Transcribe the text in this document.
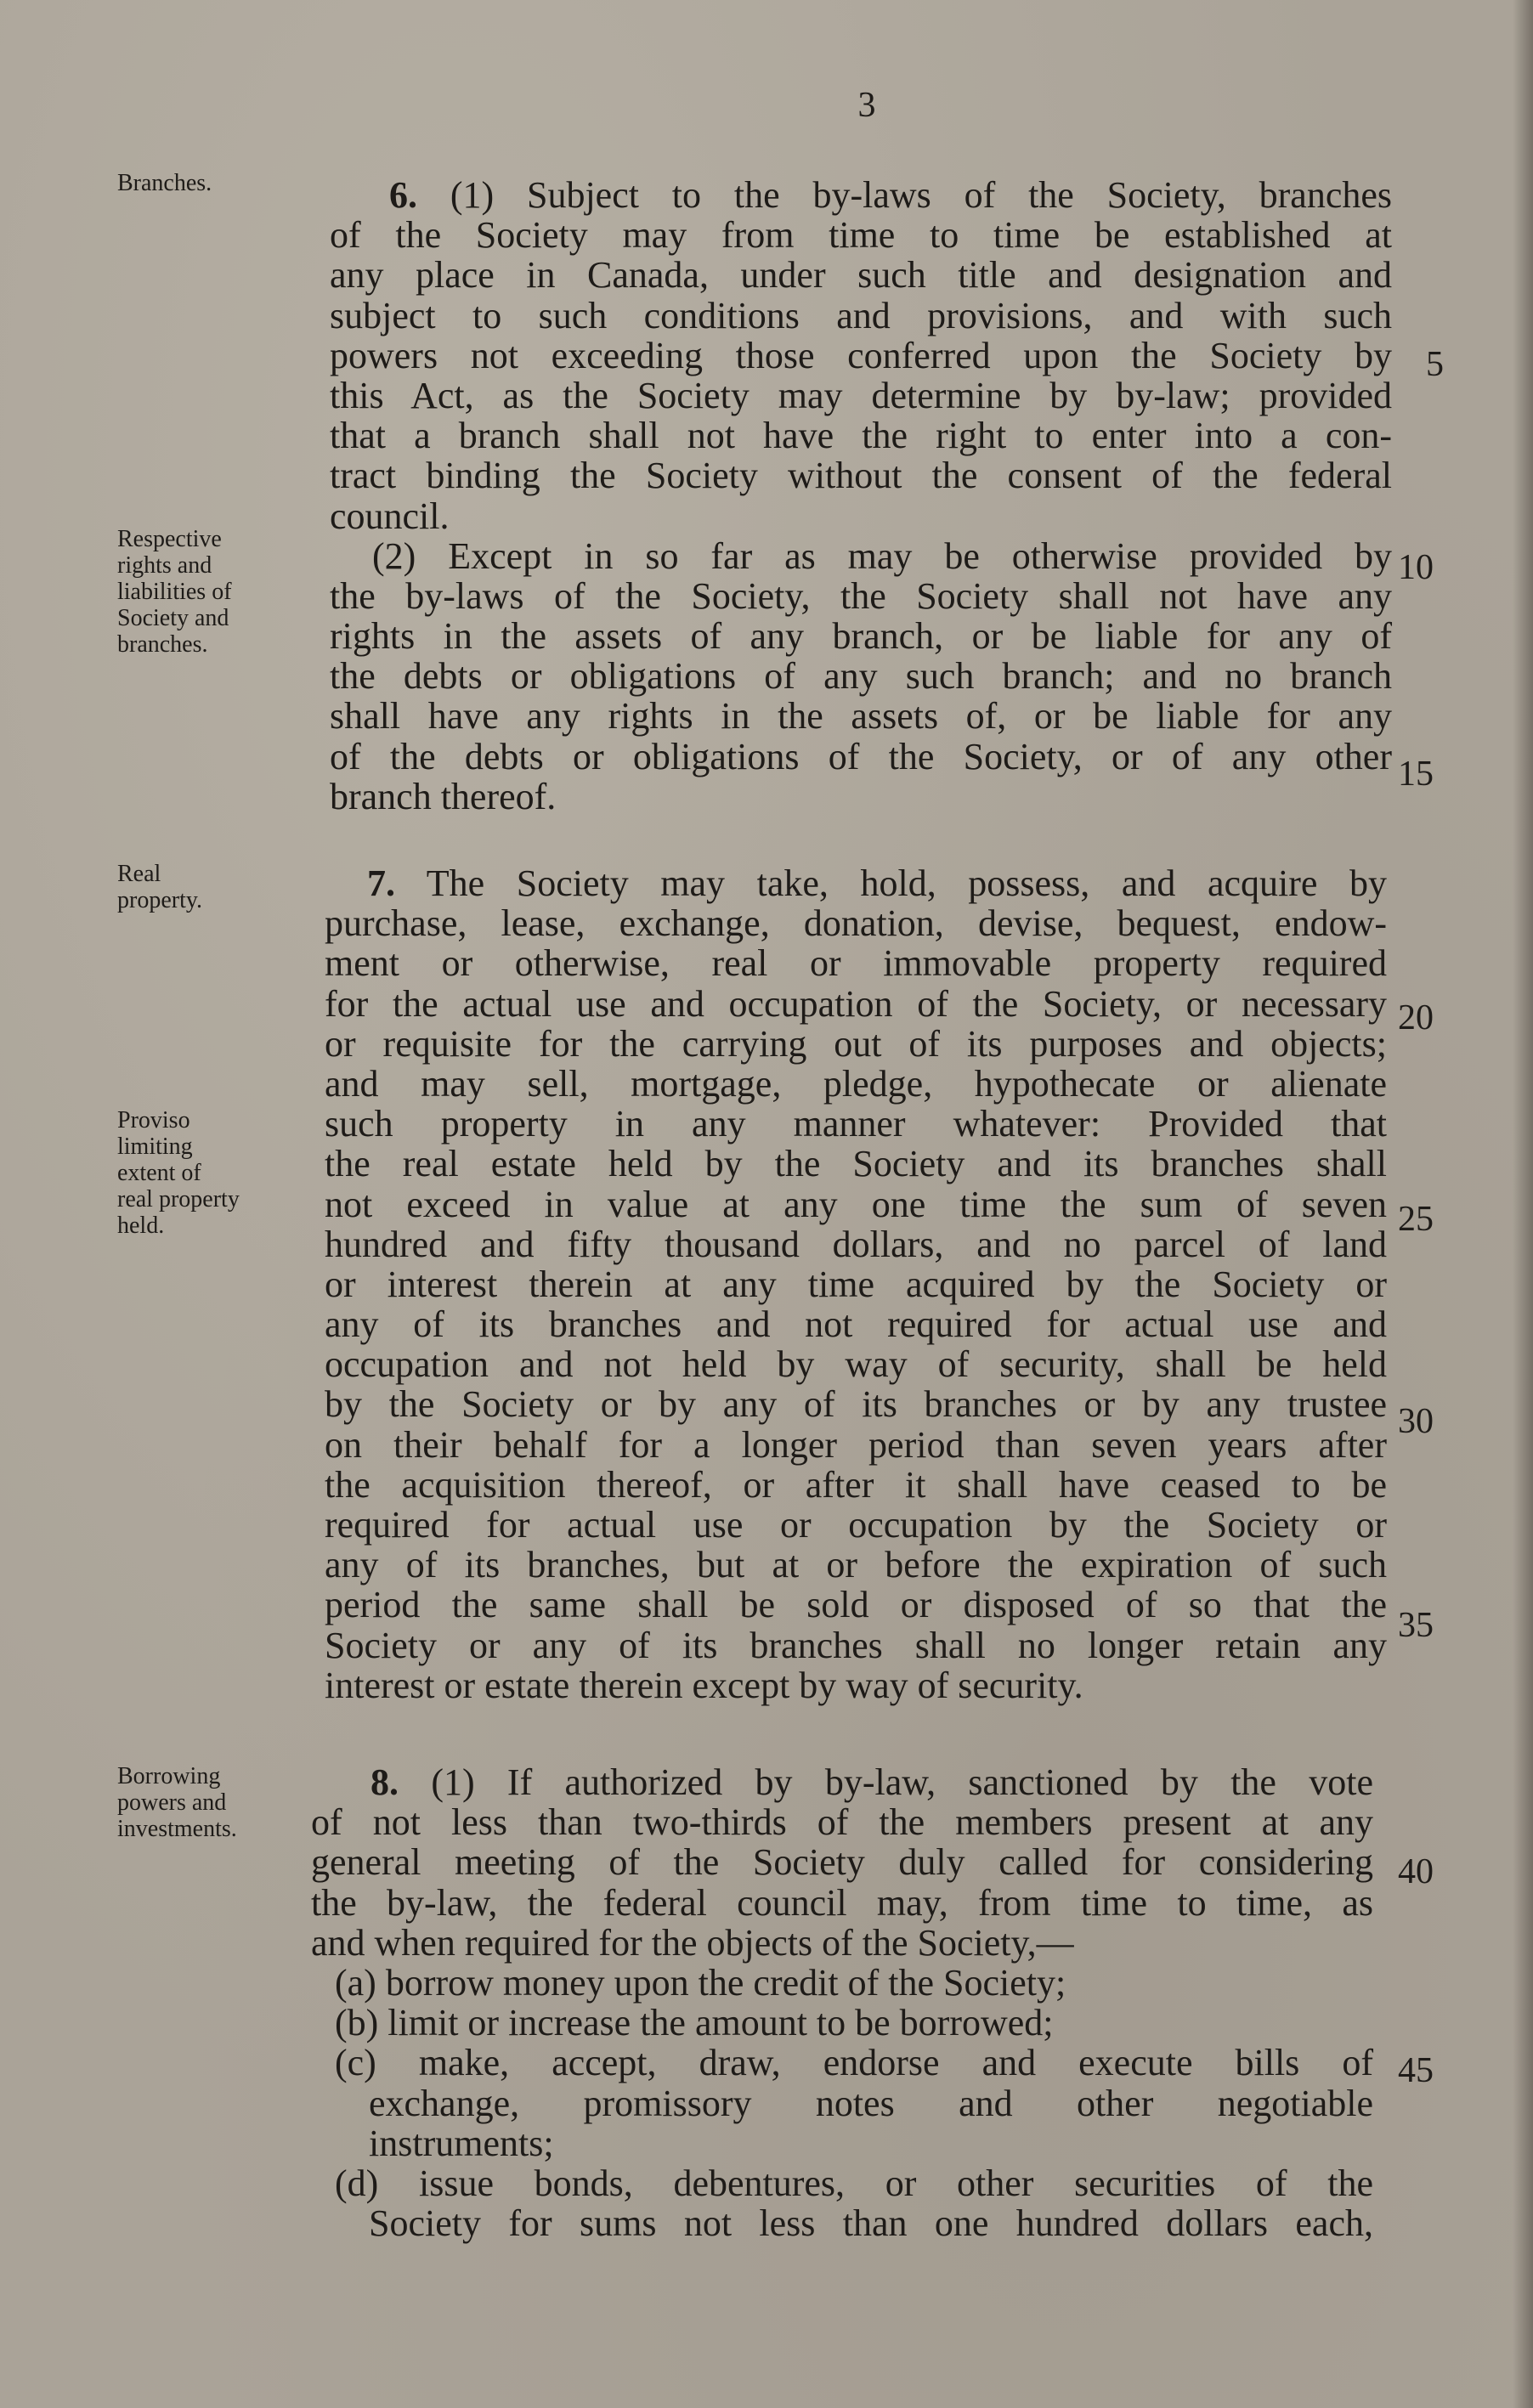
3
Branches.
Respective
rights and
liabilities of
Society and
branches.
Real
property.
Proviso
limiting
extent of
real property
held.
Borrowing
powers and
investments.
6. (1) Subject to the by-laws of the Society, branches
of the Society may from time to time be established at
any place in Canada, under such title and designation and
subject to such conditions and provisions, and with such
powers not exceeding those conferred upon the Society by
this Act, as the Society may determine by by-law; provided
that a branch shall not have the right to enter into a con-
tract binding the Society without the consent of the federal
council.
(2) Except in so far as may be otherwise provided by
the by-laws of the Society, the Society shall not have any
rights in the assets of any branch, or be liable for any of
the debts or obligations of any such branch; and no branch
shall have any rights in the assets of, or be liable for any
of the debts or obligations of the Society, or of any other
branch thereof.
7. The Society may take, hold, possess, and acquire by
purchase, lease, exchange, donation, devise, bequest, endow-
ment or otherwise, real or immovable property required
for the actual use and occupation of the Society, or necessary
or requisite for the carrying out of its purposes and objects;
and may sell, mortgage, pledge, hypothecate or alienate
such property in any manner whatever: Provided that
the real estate held by the Society and its branches shall
not exceed in value at any one time the sum of seven
hundred and fifty thousand dollars, and no parcel of land
or interest therein at any time acquired by the Society or
any of its branches and not required for actual use and
occupation and not held by way of security, shall be held
by the Society or by any of its branches or by any trustee
on their behalf for a longer period than seven years after
the acquisition thereof, or after it shall have ceased to be
required for actual use or occupation by the Society or
any of its branches, but at or before the expiration of such
period the same shall be sold or disposed of so that the
Society or any of its branches shall no longer retain any
interest or estate therein except by way of security.
8. (1) If authorized by by-law, sanctioned by the vote
of not less than two-thirds of the members present at any
general meeting of the Society duly called for considering
the by-law, the federal council may, from time to time, as
and when required for the objects of the Society,—
(a) borrow money upon the credit of the Society;
(b) limit or increase the amount to be borrowed;
(c) make, accept, draw, endorse and execute bills of
exchange, promissory notes and other negotiable
instruments;
(d) issue bonds, debentures, or other securities of the
Society for sums not less than one hundred dollars each,
5
10
15
20
25
30
35
40
45
